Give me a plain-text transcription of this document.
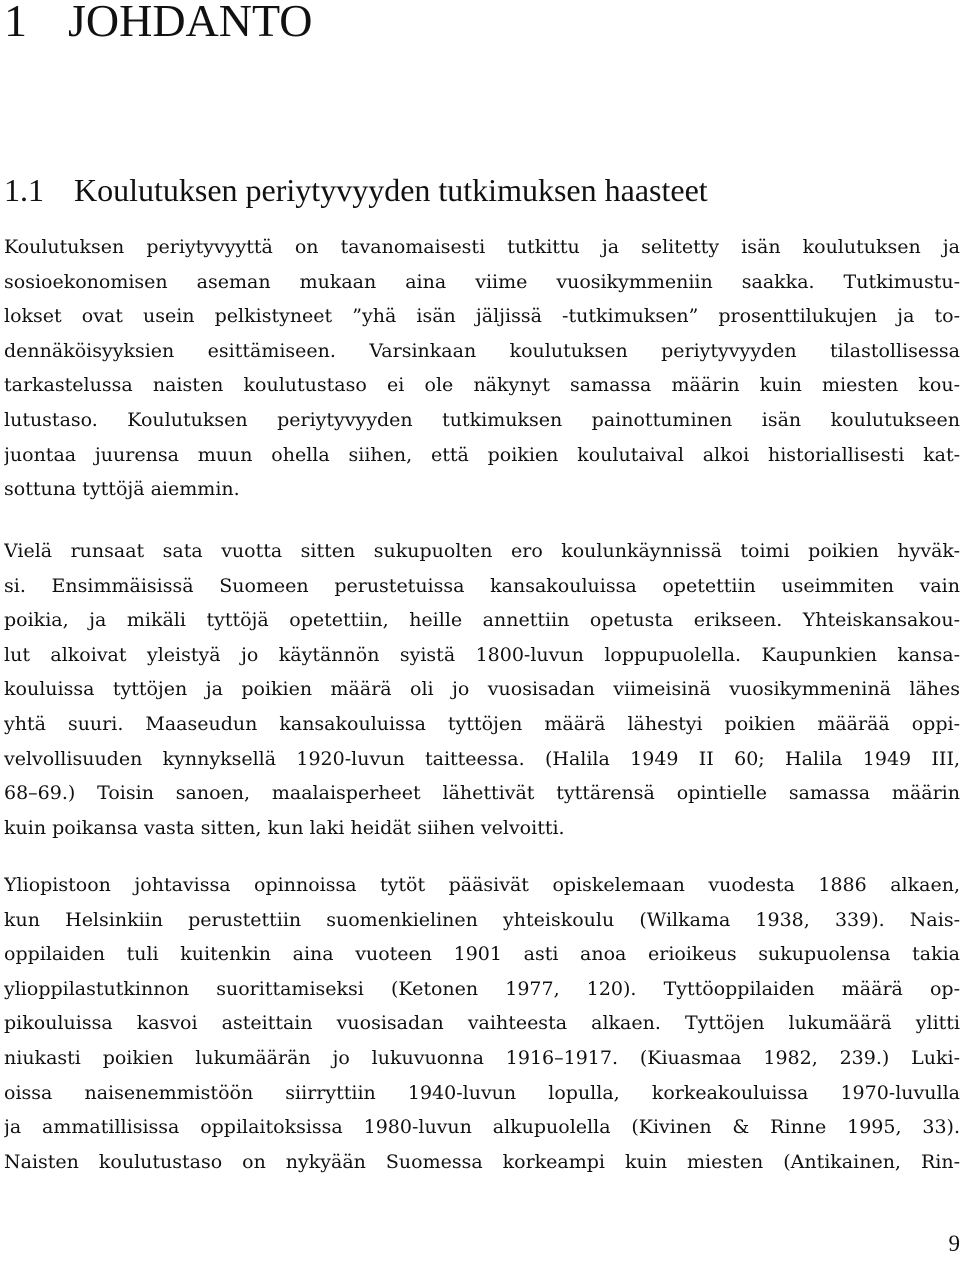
1 JOHDANTO
1.1 Koulutuksen periytyvyyden tutkimuksen haasteet
Koulutuksen periytyvyyttä on tavanomaisesti tutkittu ja selitetty isän koulutuksen ja
sosioekonomisen aseman mukaan aina viime vuosikymmeniin saakka. Tutkimustu-
lokset ovat usein pelkistyneet ”yhä isän jäljissä -tutkimuksen” prosenttilukujen ja to-
dennäköisyyksien esittämiseen. Varsinkaan koulutuksen periytyvyyden tilastollisessa
tarkastelussa naisten koulutustaso ei ole näkynyt samassa määrin kuin miesten kou-
lutustaso. Koulutuksen periytyvyyden tutkimuksen painottuminen isän koulutukseen
juontaa juurensa muun ohella siihen, että poikien koulutaival alkoi historiallisesti kat-
sottuna tyttöjä aiemmin.
Vielä runsaat sata vuotta sitten sukupuolten ero koulunkäynnissä toimi poikien hyväk-
si. Ensimmäisissä Suomeen perustetuissa kansakouluissa opetettiin useimmiten vain
poikia, ja mikäli tyttöjä opetettiin, heille annettiin opetusta erikseen. Yhteiskansakou-
lut alkoivat yleistyä jo käytännön syistä 1800-luvun loppupuolella. Kaupunkien kansa-
kouluissa tyttöjen ja poikien määrä oli jo vuosisadan viimeisinä vuosikymmeninä lähes
yhtä suuri. Maaseudun kansakouluissa tyttöjen määrä lähestyi poikien määrää oppi-
velvollisuuden kynnyksellä 1920-luvun taitteessa. (Halila 1949 II 60; Halila 1949 III,
68–69.) Toisin sanoen, maalaisperheet lähettivät tyttärensä opintielle samassa määrin
kuin poikansa vasta sitten, kun laki heidät siihen velvoitti.
Yliopistoon johtavissa opinnoissa tytöt pääsivät opiskelemaan vuodesta 1886 alkaen,
kun Helsinkiin perustettiin suomenkielinen yhteiskoulu (Wilkama 1938, 339). Nais-
oppilaiden tuli kuitenkin aina vuoteen 1901 asti anoa erioikeus sukupuolensa takia
ylioppilastutkinnon suorittamiseksi (Ketonen 1977, 120). Tyttöoppilaiden määrä op-
pikouluissa kasvoi asteittain vuosisadan vaihteesta alkaen. Tyttöjen lukumäärä ylitti
niukasti poikien lukumäärän jo lukuvuonna 1916–1917. (Kiuasmaa 1982, 239.) Luki-
oissa naisenemmistöön siirryttiin 1940-luvun lopulla, korkeakouluissa 1970-luvulla
ja ammatillisissa oppilaitoksissa 1980-luvun alkupuolella (Kivinen & Rinne 1995, 33).
Naisten koulutustaso on nykyään Suomessa korkeampi kuin miesten (Antikainen, Rin-
9
